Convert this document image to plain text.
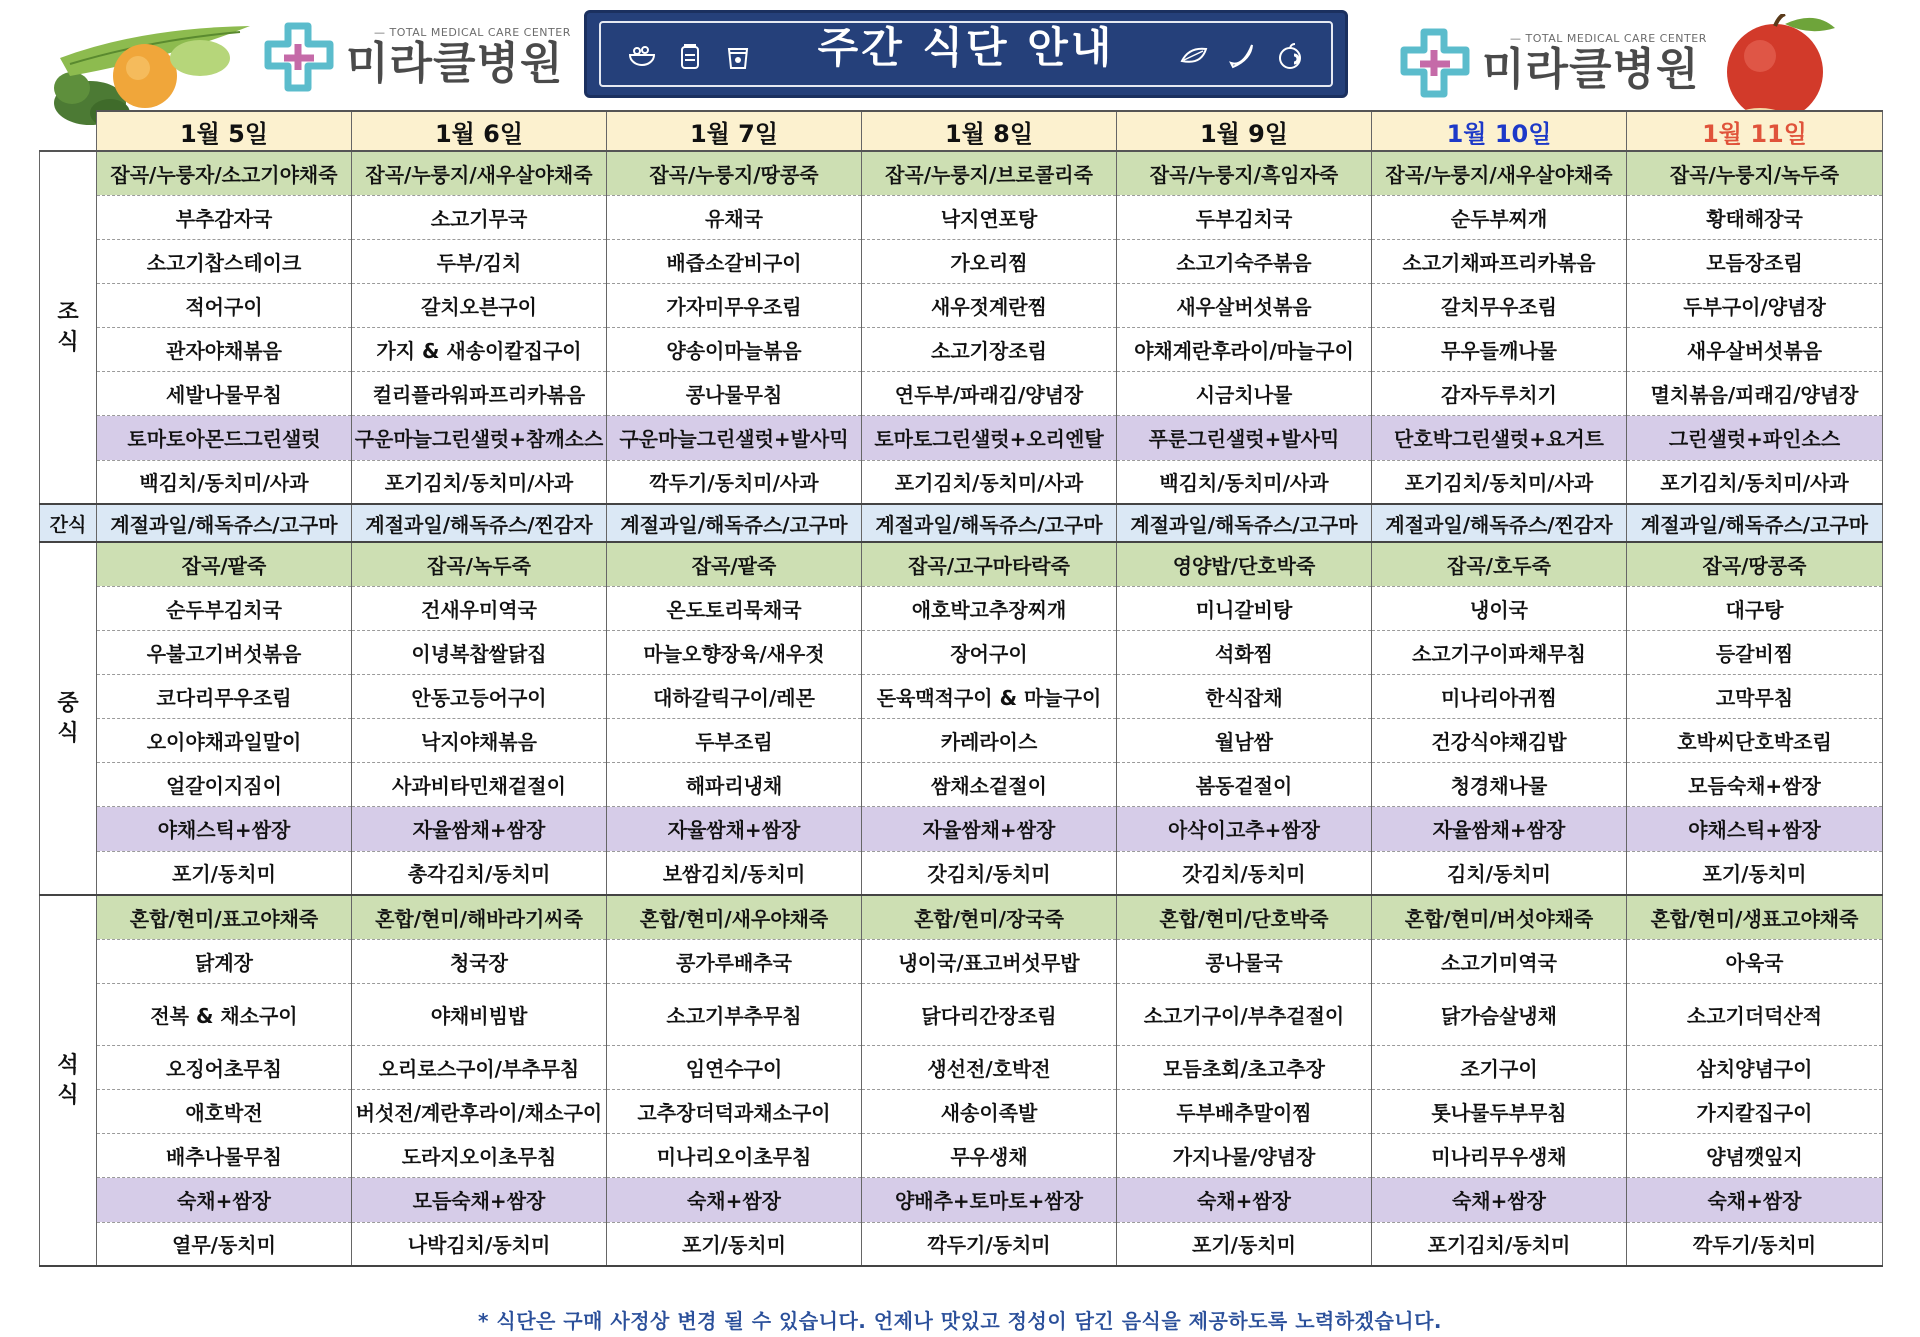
— TOTAL MEDICAL CARE CENTER
미라클병원	주간 식단 안내	— TOTAL MEDICAL CARE CENTER
미라클병원
	1월 5일	1월 6일	1월 7일	1월 8일	1월 9일	1월 10일	1월 11일

조
식	잡곡/누룽자/소고기야채죽	잡곡/누룽지/새우살야채죽	잡곡/누룽지/땅콩죽	잡곡/누룽지/브로콜리죽	잡곡/누룽지/흑임자죽	잡곡/누룽지/새우살야채죽	잡곡/누룽지/녹두죽
	부추감자국	소고기무국	유채국	낙지연포탕	두부김치국	순두부찌개	황태해장국
	소고기찹스테이크	두부/김치	배즙소갈비구이	가오리찜	소고기숙주볶음	소고기채파프리카볶음	모듬장조림
	적어구이	갈치오븐구이	가자미무우조림	새우젓계란찜	새우살버섯볶음	갈치무우조림	두부구이/양념장
	관자야채볶음	가지 & 새송이칼집구이	양송이마늘볶음	소고기장조림	야채계란후라이/마늘구이	무우들깨나물	새우살버섯볶음
	세발나물무침	컬리플라워파프리카볶음	콩나물무침	연두부/파래김/양념장	시금치나물	감자두루치기	멸치볶음/피래김/양념장
	토마토아몬드그린샐럿	구운마늘그린샐럿+참깨소스	구운마늘그린샐럿+발사믹	토마토그린샐럿+오리엔탈	푸룬그린샐럿+발사믹	단호박그린샐럿+요거트	그린샐럿+파인소스
	백김치/동치미/사과	포기김치/동치미/사과	깍두기/동치미/사과	포기김치/동치미/사과	백김치/동치미/사과	포기김치/동치미/사과	포기김치/동치미/사과
간식	계절과일/해독쥬스/고구마	계절과일/해독쥬스/찐감자	계절과일/해독쥬스/고구마	계절과일/해독쥬스/고구마	계절과일/해독쥬스/고구마	계절과일/해독쥬스/찐감자	계절과일/해독쥬스/고구마

중
식	잡곡/팥죽	잡곡/녹두죽	잡곡/팥죽	잡곡/고구마타락죽	영양밥/단호박죽	잡곡/호두죽	잡곡/땅콩죽
	순두부김치국	건새우미역국	온도토리묵채국	애호박고추장찌개	미니갈비탕	냉이국	대구탕
	우불고기버섯볶음	이녕복찹쌀닭집	마늘오향장육/새우젓	장어구이	석화찜	소고기구이파채무침	등갈비찜
	코다리무우조림	안동고등어구이	대하갈릭구이/레몬	돈육맥적구이 & 마늘구이	한식잡채	미나리아귀찜	고막무침
	오이야채과일말이	낙지야채볶음	두부조림	카레라이스	월남쌈	건강식야채김밥	호박씨단호박조림
	얼갈이지짐이	사과비타민채겉절이	해파리냉채	쌈채소겉절이	봄동겉절이	청경채나물	모듬숙채+쌈장
	야채스틱+쌈장	자율쌈채+쌈장	자율쌈채+쌈장	자율쌈채+쌈장	아삭이고추+쌈장	자율쌈채+쌈장	야채스틱+쌈장
	포기/동치미	총각김치/동치미	보쌈김치/동치미	갓김치/동치미	갓김치/동치미	김치/동치미	포기/동치미

석
식	혼합/현미/표고야채죽	혼합/현미/해바라기씨죽	혼합/현미/새우야채죽	혼합/현미/장국죽	혼합/현미/단호박죽	혼합/현미/버섯야채죽	혼합/현미/생표고야채죽
	닭계장	청국장	콩가루배추국	냉이국/표고버섯무밥	콩나물국	소고기미역국	아욱국
	전복 & 채소구이	야채비빔밥	소고기부추무침	닭다리간장조림	소고기구이/부추겉절이	닭가슴살냉채	소고기더덕산적
	오징어초무침	오리로스구이/부추무침	임연수구이	생선전/호박전	모듬초회/초고추장	조기구이	삼치양념구이
	애호박전	버섯전/계란후라이/채소구이	고추장더덕과채소구이	새송이족발	두부배추말이찜	톳나물두부무침	가지칼집구이
	배추나물무침	도라지오이초무침	미나리오이초무침	무우생채	가지나물/양념장	미나리무우생채	양념깻잎지
	숙채+쌈장	모듬숙채+쌈장	숙채+쌈장	양배추+토마토+쌈장	숙채+쌈장	숙채+쌈장	숙채+쌈장
	열무/동치미	나박김치/동치미	포기/동치미	깍두기/동치미	포기/동치미	포기김치/동치미	깍두기/동치미
* 식단은 구매 사정상 변경 될 수 있습니다. 언제나 맛있고 정성이 담긴 음식을 제공하도록 노력하겠습니다.
